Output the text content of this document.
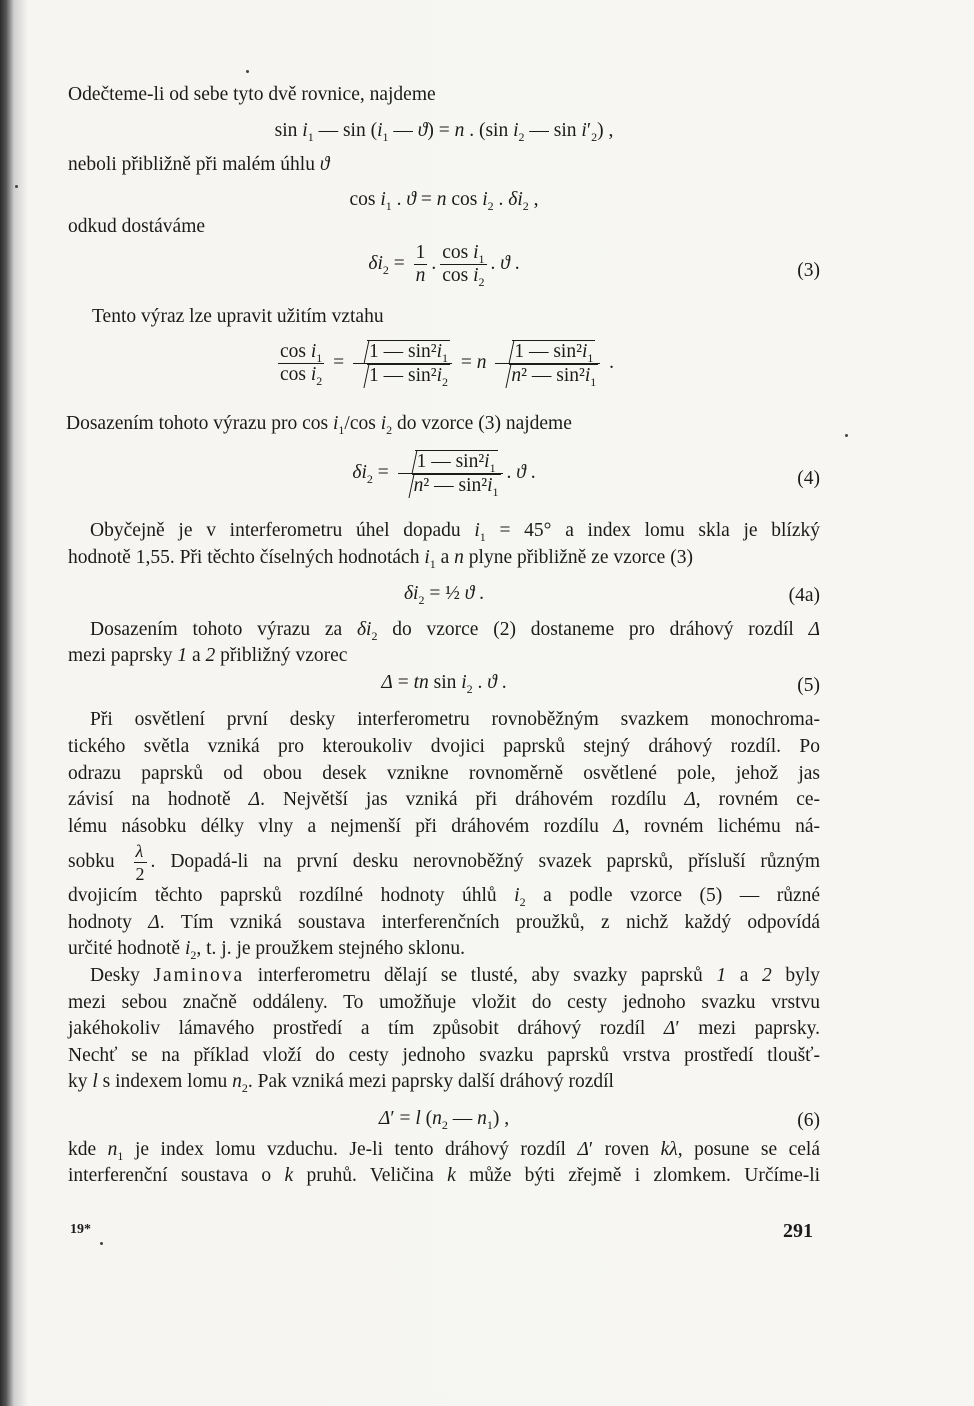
Odečteme-li od sebe tyto dvě rovnice, najdeme
$\sin i_1$ — $\sin (i_1$ — ϑ) = n . (sin $i_2$ — $\sin i'_2$) ,
neboli přibližně při malém úhlu ϑ
$\cos i_1$ . ϑ = n $\cos i_2$ . $\delta i_2$ ,
odkud dostáváme
$\delta i_2 = \frac{1}{n}$ . $\frac{\cos i_1}{\cos i_2}$ . ϑ .	(3)
Tento výraz lze upravit užitím vztahu
$\frac{\cos i_1}{\cos i_2} = \frac{1 — \sin^2i_1}{1 — \sin^2i_2} = n \frac{1 — \sin^2i_1}{n^2 — \sin^2i_1}$ .
Dosazením tohoto výrazu pro $\cos i_1/\cos$ $i_2$ do vzorce (3) najdeme
$\delta i_2 = \frac{1 — \sin^2i_1}{n^2 — \sin^2i_1}$ . ϑ .	(4)
Obyčejně je v interferometru úhel dopadu $i_1 = 45^\circ$ a index lomu skla je blízký
hodnotě 1,55. Při těchto číselných hodnotách $i_1$ a n plyne přibližně ze vzorce (3)
$\delta i_2$ = ½ ϑ .	(4a)
Dosazením tohoto výrazu za $\delta i_2$ do vzorce (2) dostaneme pro dráhový rozdíl Δ
mezi paprsky 1 a 2 přibližný vzorec
Δ = tn $\sin i_2$ . ϑ .	(5)
Při osvětlení první desky interferometru rovnoběžným svazkem monochroma-
tického světla vzniká pro kteroukoliv dvojici paprsků stejný dráhový rozdíl. Po
odrazu paprsků od obou desek vznikne rovnoměrně osvětlené pole, jehož jas
závisí na hodnotě Δ. Největší jas vzniká při dráhovém rozdílu Δ, rovném ce-
lému násobku délky vlny a nejmenší při dráhovém rozdílu Δ, rovném lichému ná-
sobku $\frac{\lambda}{2}$ . Dopadá-li na první desku nerovnoběžný svazek paprsků, přísluší různým
dvojicím těchto paprsků rozdílné hodnoty úhlů $i_2$ a podle vzorce (5) — různé
hodnoty Δ. Tím vzniká soustava interferenčních proužků, z nichž každý odpovídá
určité hodnotě $i_2$, t. j. je proužkem stejného sklonu.
Desky Jaminova interferometru dělají se tlusté, aby svazky paprsků 1 a 2 byly
mezi sebou značně oddáleny. To umožňuje vložit do cesty jednoho svazku vrstvu
jakéhokoliv lámavého prostředí a tím způsobit dráhový rozdíl Δ′ mezi paprsky.
Nechť se na příklad vloží do cesty jednoho svazku paprsků vrstva prostředí tloušť-
ky l s indexem lomu $n_2$. Pak vzniká mezi paprsky další dráhový rozdíl
Δ′ = l ($n_2$ — $n_1$) ,	(6)
kde $n_1$ je index lomu vzduchu. Je-li tento dráhový rozdíl Δ′ roven kλ, posune se celá
interferenční soustava o k pruhů. Veličina k může býti zřejmě i zlomkem. Určíme-li
19*	291
